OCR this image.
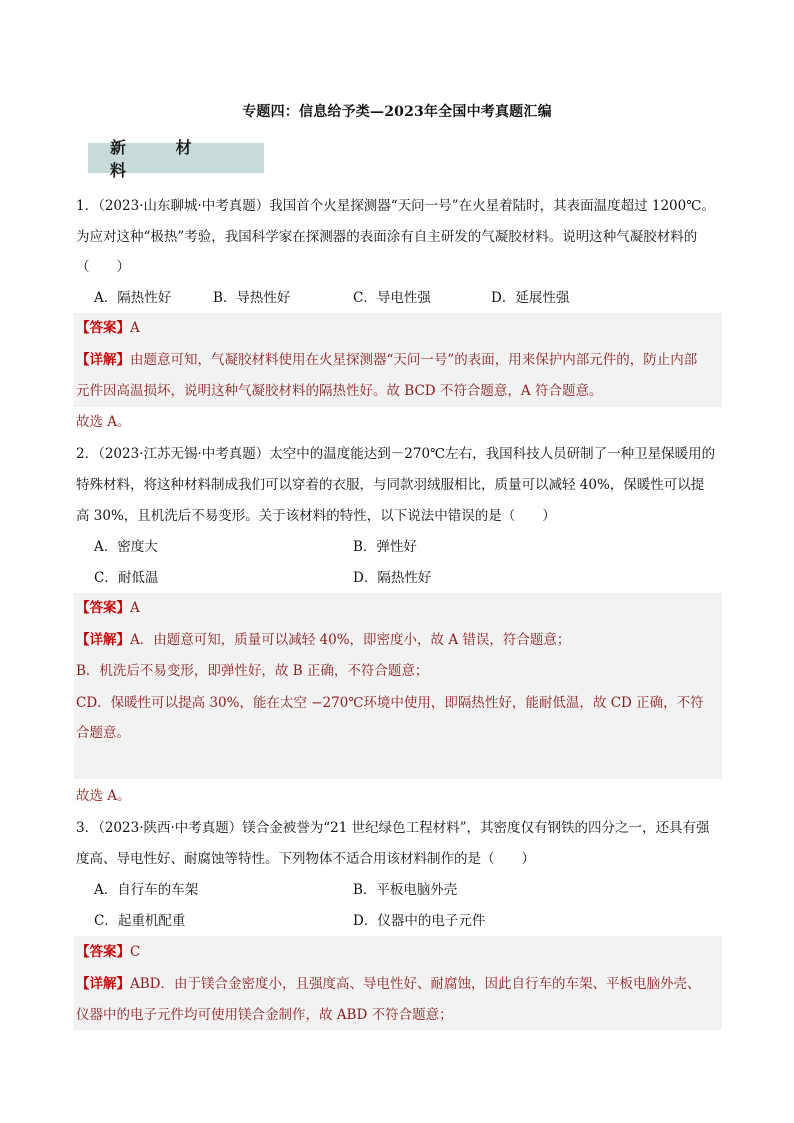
专题四：信息给予类—2023年全国中考真题汇编
新 材 料
1．（2023·山东聊城·中考真题）我国首个火星探测器“天问一号”在火星着陆时，其表面温度超过 1200℃。
为应对这种“极热”考验，我国科学家在探测器的表面涂有自主研发的气凝胶材料。说明这种气凝胶材料的
（　　）
A．隔热性好	B．导热性好	C．导电性强	D．延展性强
【答案】A
【详解】由题意可知，气凝胶材料使用在火星探测器“天问一号”的表面，用来保护内部元件的，防止内部
元件因高温损坏，说明这种气凝胶材料的隔热性好。故 BCD 不符合题意，A 符合题意。
故选 A。
2．（2023·江苏无锡·中考真题）太空中的温度能达到－270℃左右，我国科技人员研制了一种卫星保暖用的
特殊材料，将这种材料制成我们可以穿着的衣服，与同款羽绒服相比，质量可以减轻 40%，保暖性可以提
高 30%，且机洗后不易变形。关于该材料的特性，以下说法中错误的是（　　）
A．密度大	B．弹性好
C．耐低温	D．隔热性好
【答案】A
【详解】A．由题意可知，质量可以减轻 40%，即密度小，故 A 错误，符合题意；
B．机洗后不易变形，即弹性好，故 B 正确，不符合题意；
CD．保暖性可以提高 30%，能在太空 −270℃环境中使用，即隔热性好，能耐低温，故 CD 正确，不符
合题意。
故选 A。
3．（2023·陕西·中考真题）镁合金被誉为“21 世纪绿色工程材料”，其密度仅有钢铁的四分之一，还具有强
度高、导电性好、耐腐蚀等特性。下列物体不适合用该材料制作的是（　　）
A．自行车的车架	B．平板电脑外壳
C．起重机配重	D．仪器中的电子元件
【答案】C
【详解】ABD．由于镁合金密度小，且强度高、导电性好、耐腐蚀，因此自行车的车架、平板电脑外壳、
仪器中的电子元件均可使用镁合金制作，故 ABD 不符合题意；
